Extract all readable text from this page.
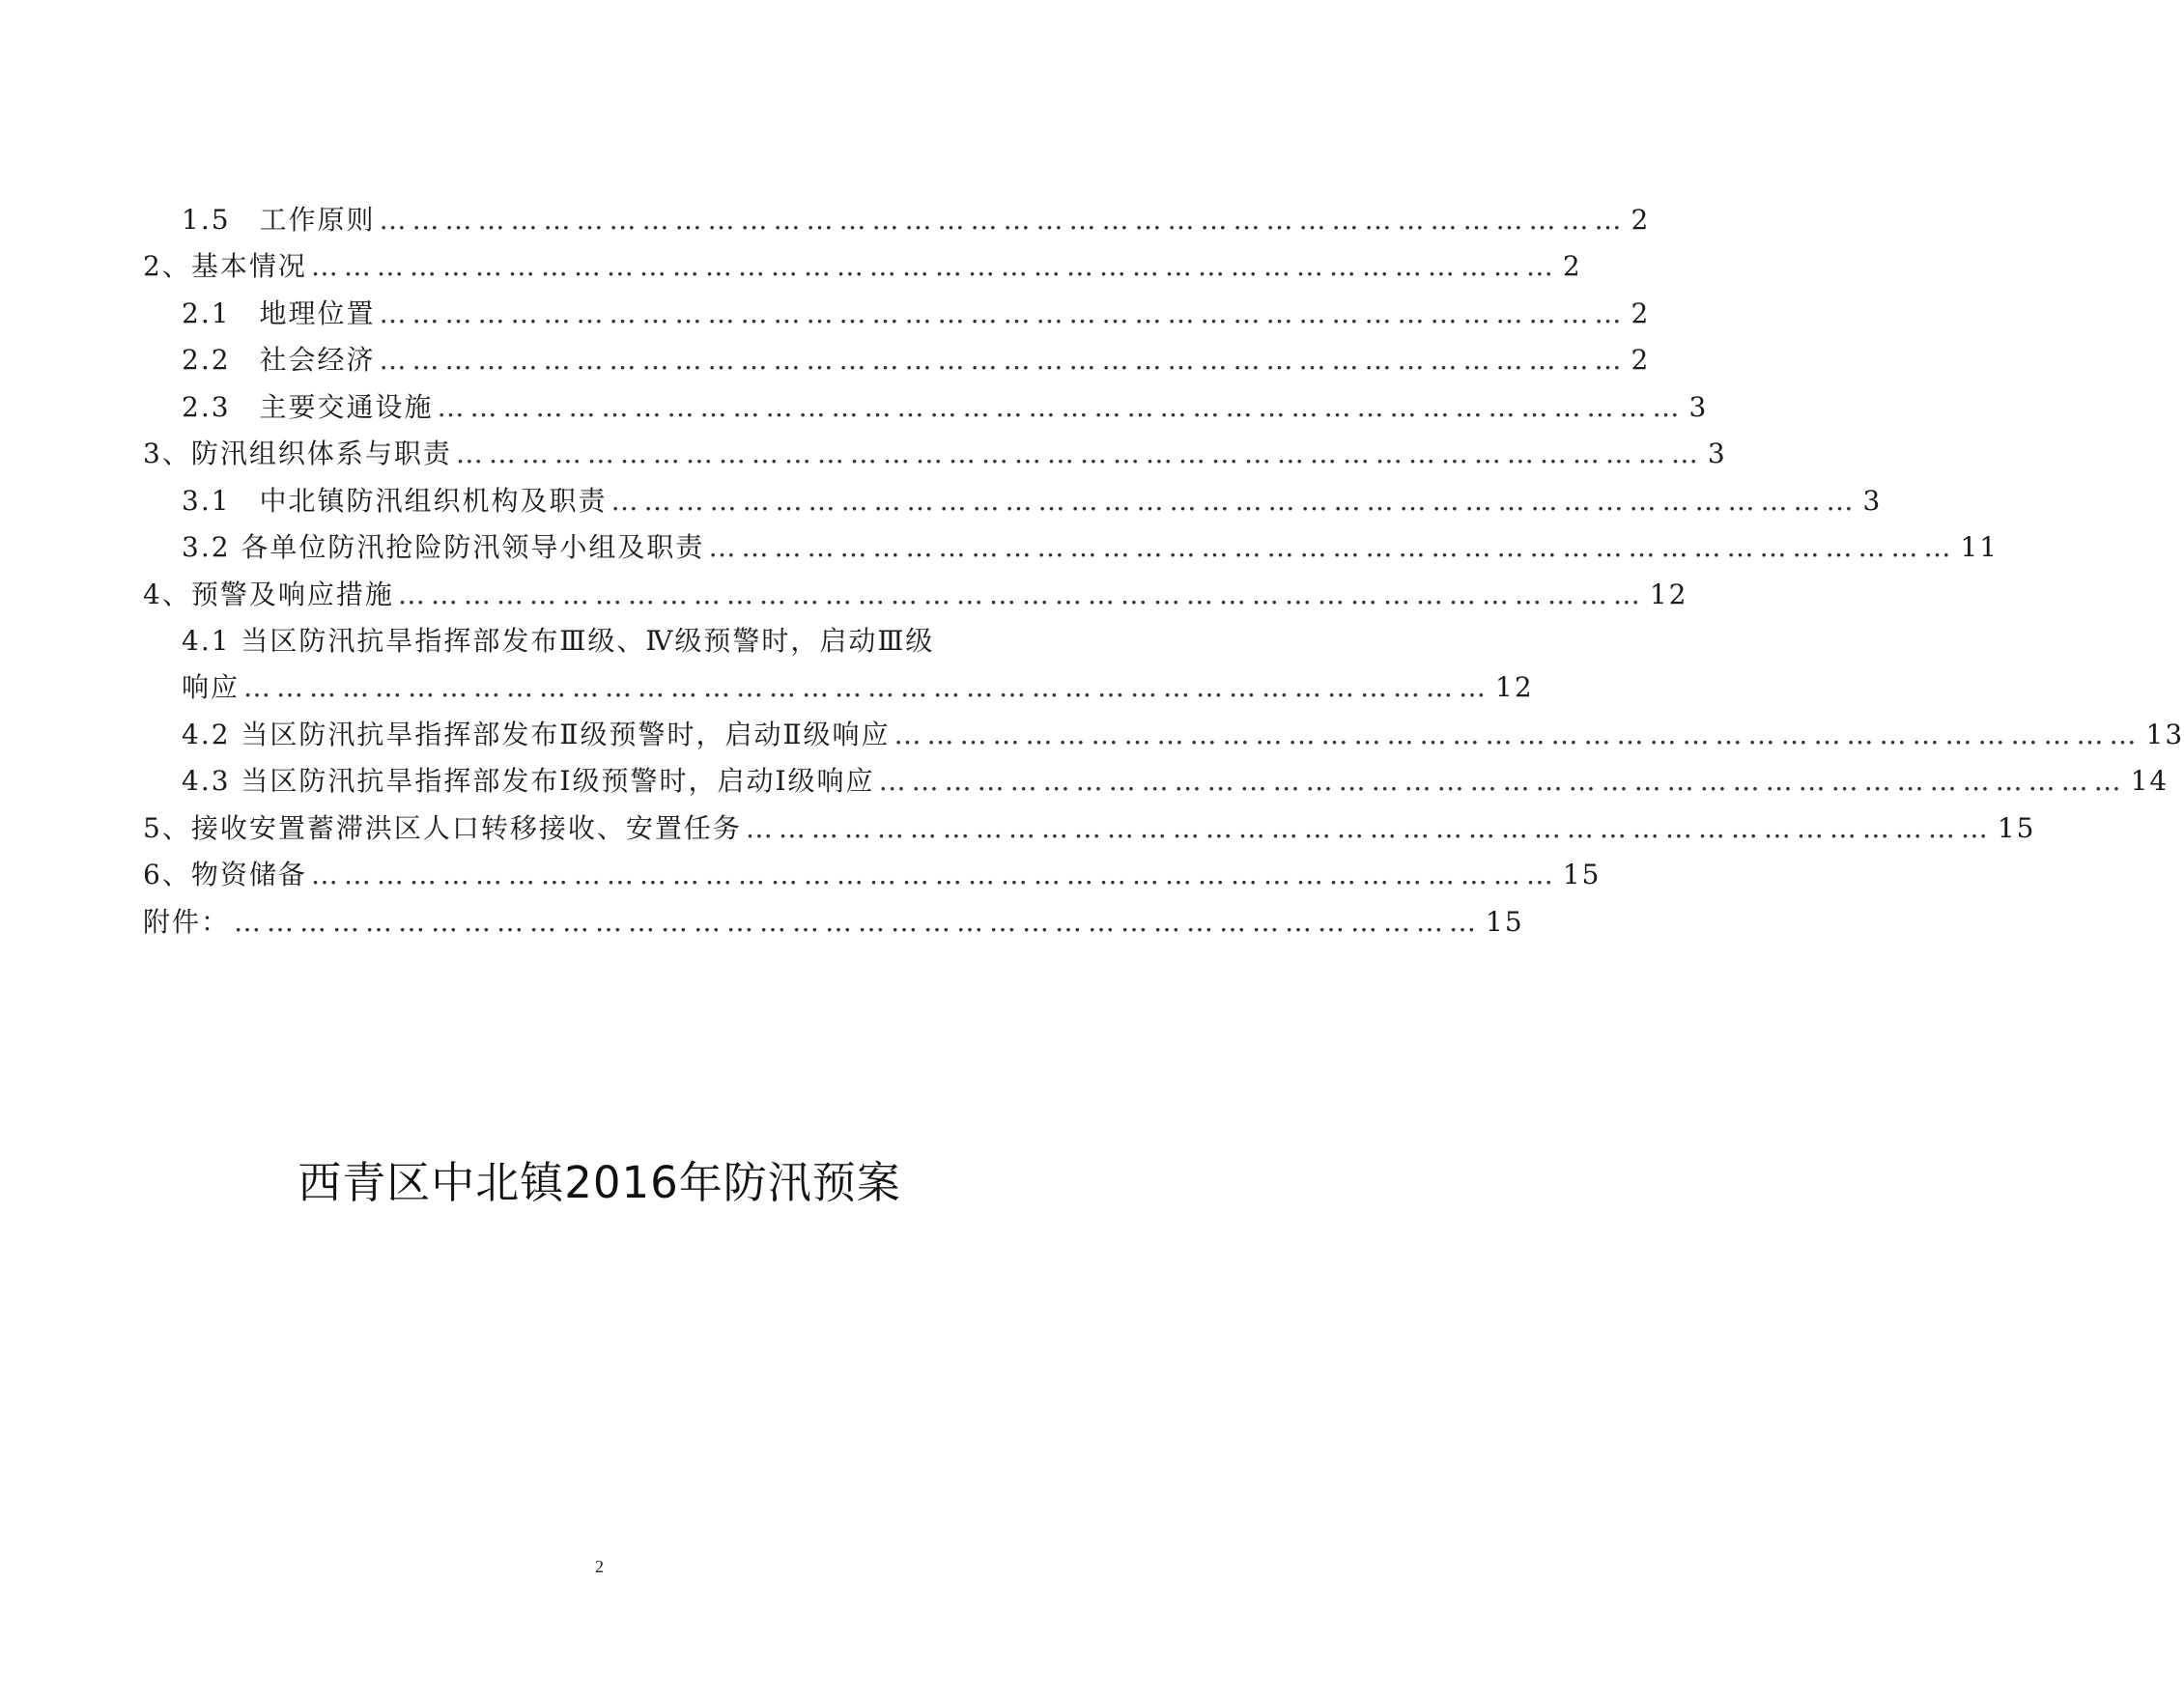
1.5　工作原则 …………………………………………………………………………………………………… 2
2、基本情况 …………………………………………………………………………………………………… 2
2.1　地理位置 …………………………………………………………………………………………………… 2
2.2　社会经济 …………………………………………………………………………………………………… 2
2.3　主要交通设施 …………………………………………………………………………………………………… 3
3、防汛组织体系与职责 …………………………………………………………………………………………………… 3
3.1　中北镇防汛组织机构及职责 …………………………………………………………………………………………………… 3
3.2 各单位防汛抢险防汛领导小组及职责 …………………………………………………………………………………………………… 11
4、预警及响应措施 …………………………………………………………………………………………………… 12
4.1 当区防汛抗旱指挥部发布Ⅲ级、Ⅳ级预警时，启动Ⅲ级
响应 …………………………………………………………………………………………………… 12
4.2 当区防汛抗旱指挥部发布Ⅱ级预警时，启动Ⅱ级响应 …………………………………………………………………………………………………… 13
4.3 当区防汛抗旱指挥部发布Ⅰ级预警时，启动Ⅰ级响应 …………………………………………………………………………………………………… 14
5、接收安置蓄滞洪区人口转移接收、安置任务 …………………………………………………………………………………………………… 15
6、物资储备 …………………………………………………………………………………………………… 15
附件： …………………………………………………………………………………………………… 15
西青区中北镇2016年防汛预案
2
